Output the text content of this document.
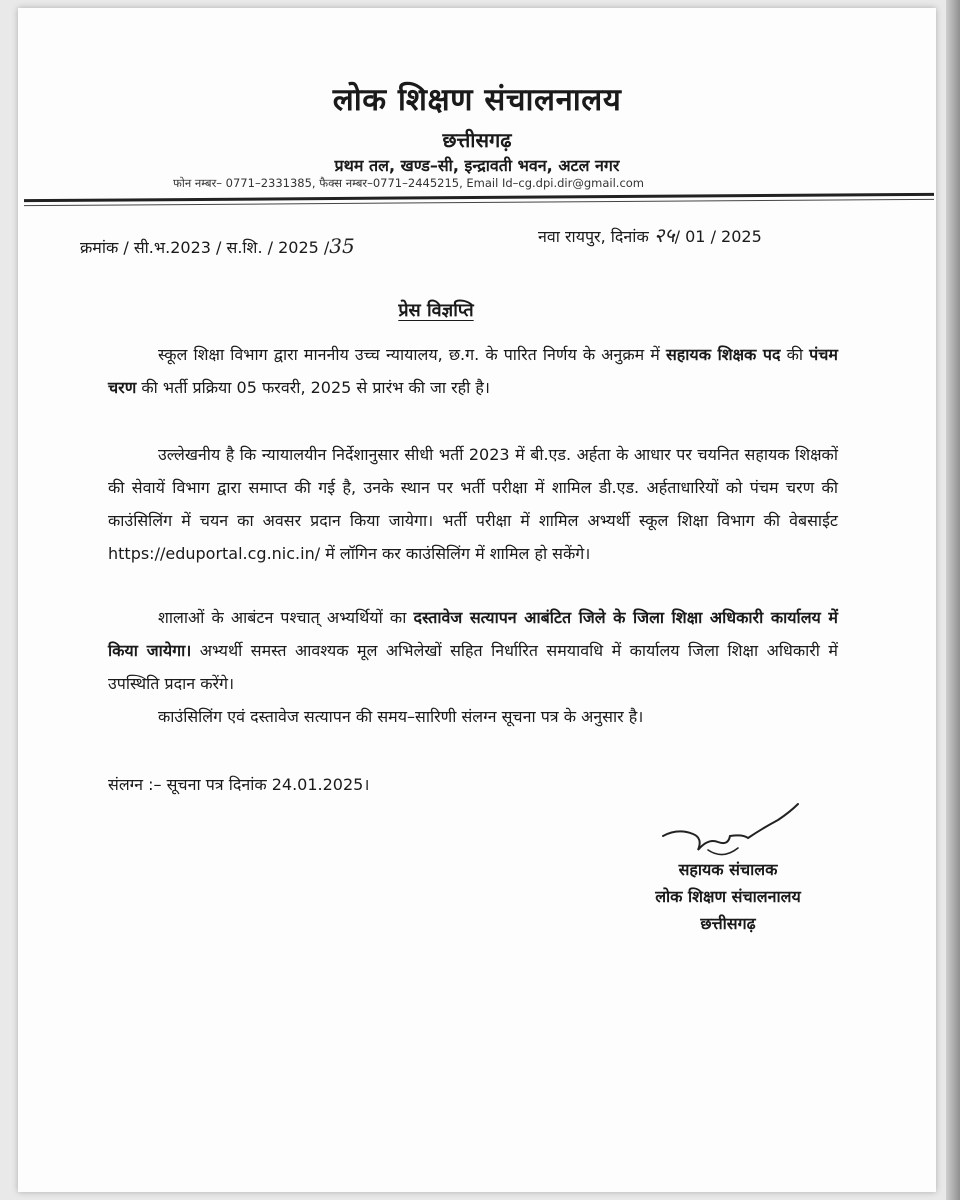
लोक शिक्षण संचालनालय
छत्तीसगढ़
प्रथम तल, खण्ड–सी, इन्द्रावती भवन, अटल नगर
फोन नम्बर– 0771–2331385, फैक्स नम्बर–0771–2445215, Email Id–cg.dpi.dir@gmail.com
क्रमांक / सी.भ.2023 / स.शि. / 2025 /35	नवा रायपुर, दिनांक २५/ 01 / 2025
प्रेस विज्ञप्ति
स्कूल शिक्षा विभाग द्वारा माननीय उच्च न्यायालय, छ.ग. के पारित निर्णय के अनुक्रम में सहायक शिक्षक पद की पंचम चरण की भर्ती प्रक्रिया 05 फरवरी, 2025 से प्रारंभ की जा रही है।
उल्लेखनीय है कि न्यायालयीन निर्देशानुसार सीधी भर्ती 2023 में बी.एड. अर्हता के आधार पर चयनित सहायक शिक्षकों की सेवायें विभाग द्वारा समाप्त की गई है, उनके स्थान पर भर्ती परीक्षा में शामिल डी.एड. अर्हताधारियों को पंचम चरण की काउंसिलिंग में चयन का अवसर प्रदान किया जायेगा। भर्ती परीक्षा में शामिल अभ्यर्थी स्कूल शिक्षा विभाग की वेबसाईट https://eduportal.cg.nic.in/ में लॉगिन कर काउंसिलिंग में शामिल हो सकेंगे।
शालाओं के आबंटन पश्चात् अभ्यर्थियों का दस्तावेज सत्यापन आबंटित जिले के जिला शिक्षा अधिकारी कार्यालय में किया जायेगा। अभ्यर्थी समस्त आवश्यक मूल अभिलेखों सहित निर्धारित समयावधि में कार्यालय जिला शिक्षा अधिकारी में उपस्थिति प्रदान करेंगे।
काउंसिलिंग एवं दस्तावेज सत्यापन की समय–सारिणी संलग्न सूचना पत्र के अनुसार है।
संलग्न :– सूचना पत्र दिनांक 24.01.2025।
सहायक संचालक
लोक शिक्षण संचालनालय
छत्तीसगढ़
